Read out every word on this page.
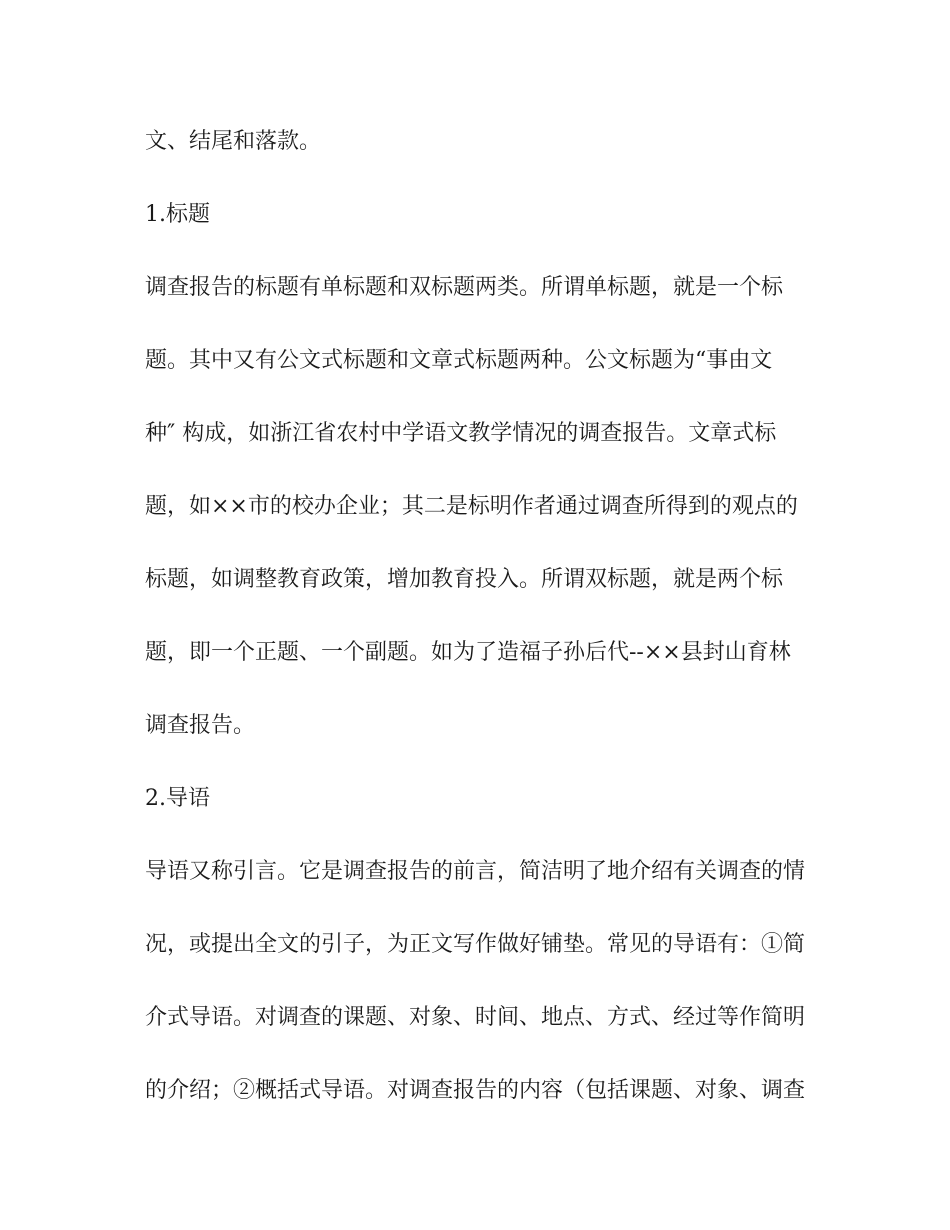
文、结尾和落款。
1.标题
调查报告的标题有单标题和双标题两类。所谓单标题，就是一个标
题。其中又有公文式标题和文章式标题两种。公文标题为“事由文
种″ 构成，如浙江省农村中学语文教学情况的调查报告。文章式标
题，如××市的校办企业；其二是标明作者通过调查所得到的观点的
标题，如调整教育政策，增加教育投入。所谓双标题，就是两个标
题，即一个正题、一个副题。如为了造福子孙后代--××县封山育林
调查报告。
2.导语
导语又称引言。它是调查报告的前言，简洁明了地介绍有关调查的情
况，或提出全文的引子，为正文写作做好铺垫。常见的导语有：①简
介式导语。对调查的课题、对象、时间、地点、方式、经过等作简明
的介绍；②概括式导语。对调查报告的内容（包括课题、对象、调查
